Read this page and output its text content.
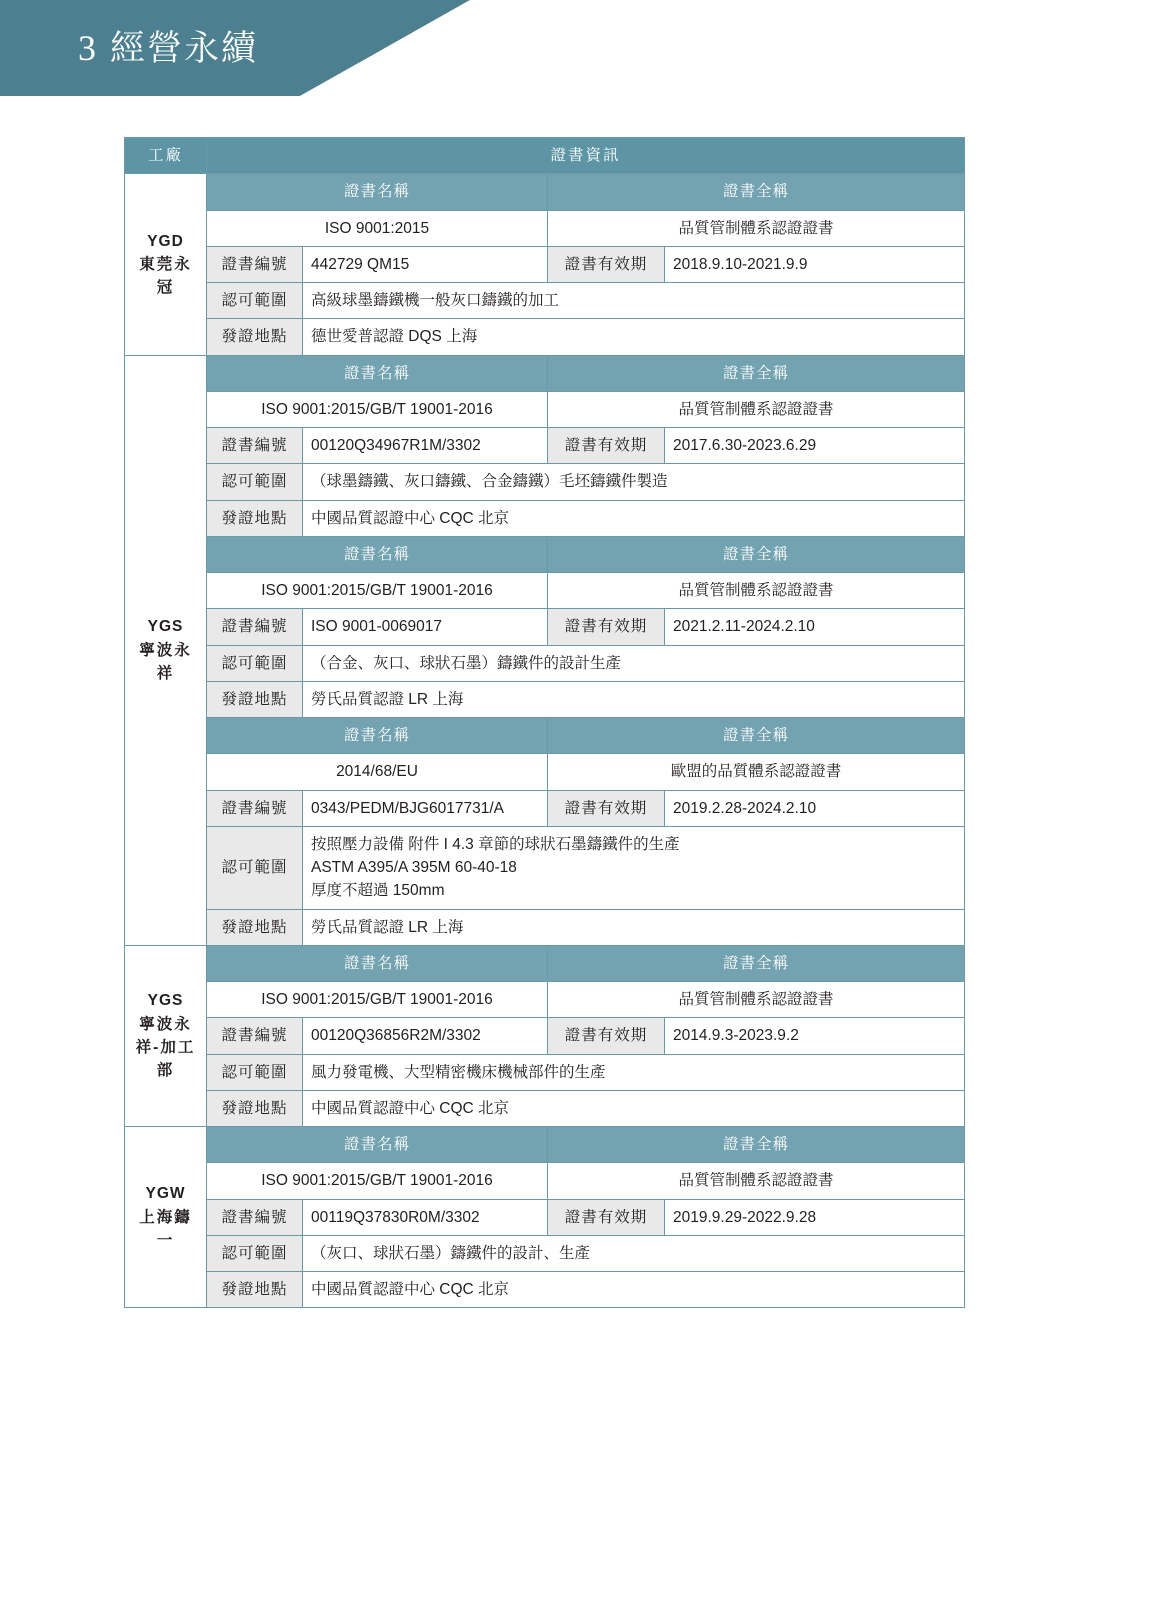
3 經營永續
工廠	證書資訊			

YGD
東莞永冠	證書名稱		證書全稱	
	ISO 9001:2015		品質管制體系認證證書	
	證書編號	442729 QM15	證書有效期	2018.9.10-2021.9.9
	認可範圍	高級球墨鑄鐵機一般灰口鑄鐵的加工		
	發證地點	德世愛普認證 DQS 上海		

YGS
寧波永祥	證書名稱		證書全稱	
	ISO 9001:2015/GB/T 19001-2016		品質管制體系認證證書	
	證書編號	00120Q34967R1M/3302	證書有效期	2017.6.30-2023.6.29
	認可範圍	（球墨鑄鐵、灰口鑄鐵、合金鑄鐵）毛坯鑄鐵件製造		
	發證地點	中國品質認證中心 CQC 北京		
	證書名稱		證書全稱	
	ISO 9001:2015/GB/T 19001-2016		品質管制體系認證證書	
	證書編號	ISO 9001-0069017	證書有效期	2021.2.11-2024.2.10
	認可範圍	（合金、灰口、球狀石墨）鑄鐵件的設計生產		
	發證地點	勞氏品質認證 LR 上海		
	證書名稱		證書全稱	
	2014/68/EU		歐盟的品質體系認證證書	
	證書編號	0343/PEDM/BJG6017731/A	證書有效期	2019.2.28-2024.2.10
	認可範圍	按照壓力設備 附件 I 4.3 章節的球狀石墨鑄鐵件的生產
ASTM A395/A 395M 60-40-18
厚度不超過 150mm		
	發證地點	勞氏品質認證 LR 上海		

YGS
寧波永祥-加工部	證書名稱		證書全稱	
	ISO 9001:2015/GB/T 19001-2016		品質管制體系認證證書	
	證書編號	00120Q36856R2M/3302	證書有效期	2014.9.3-2023.9.2
	認可範圍	風力發電機、大型精密機床機械部件的生產		
	發證地點	中國品質認證中心 CQC 北京		

YGW
上海鑄一	證書名稱		證書全稱	
	ISO 9001:2015/GB/T 19001-2016		品質管制體系認證證書	
	證書編號	00119Q37830R0M/3302	證書有效期	2019.9.29-2022.9.28
	認可範圍	（灰口、球狀石墨）鑄鐵件的設計、生產		
	發證地點	中國品質認證中心 CQC 北京		
